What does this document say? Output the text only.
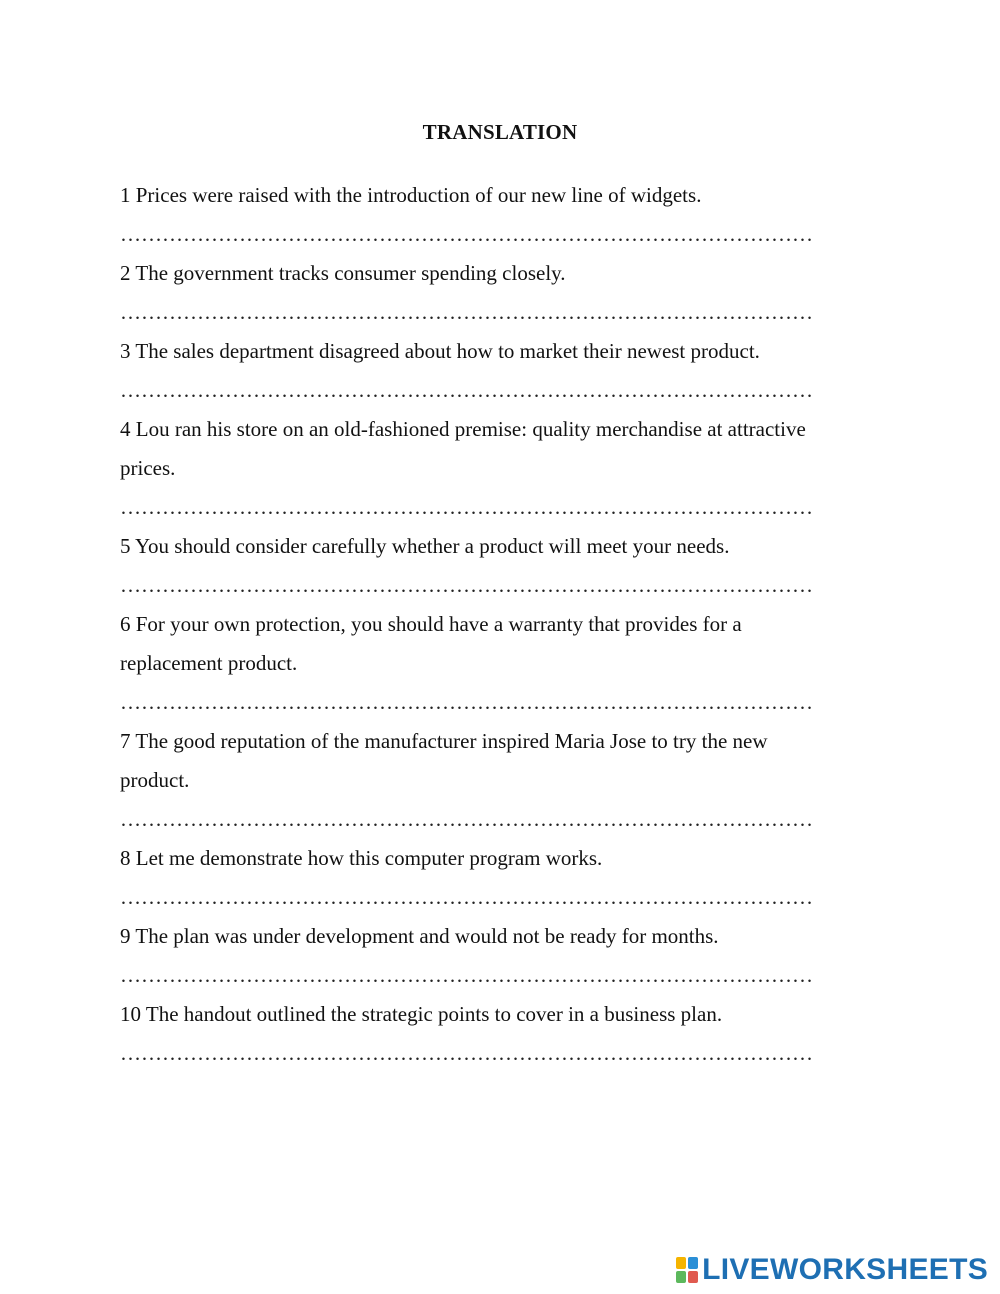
TRANSLATION
1 Prices were raised with the introduction of our new line of widgets.
………………………………………………………………………………………
2 The government tracks consumer spending closely.
………………………………………………………………………………………
3 The sales department disagreed about how to market their newest product.
………………………………………………………………………………………
4 Lou ran his store on an old-fashioned premise: quality merchandise at attractive
prices.
………………………………………………………………………………………
5 You should consider carefully whether a product will meet your needs.
………………………………………………………………………………………
6 For your own protection, you should have a warranty that provides for a
replacement product.
………………………………………………………………………………………
7 The good reputation of the manufacturer inspired Maria Jose to try the new
product.
………………………………………………………………………………………
8 Let me demonstrate how this computer program works.
………………………………………………………………………………………
9 The plan was under development and would not be ready for months.
………………………………………………………………………………………
10 The handout outlined the strategic points to cover in a business plan.
………………………………………………………………………………………
LIVEWORKSHEETS
